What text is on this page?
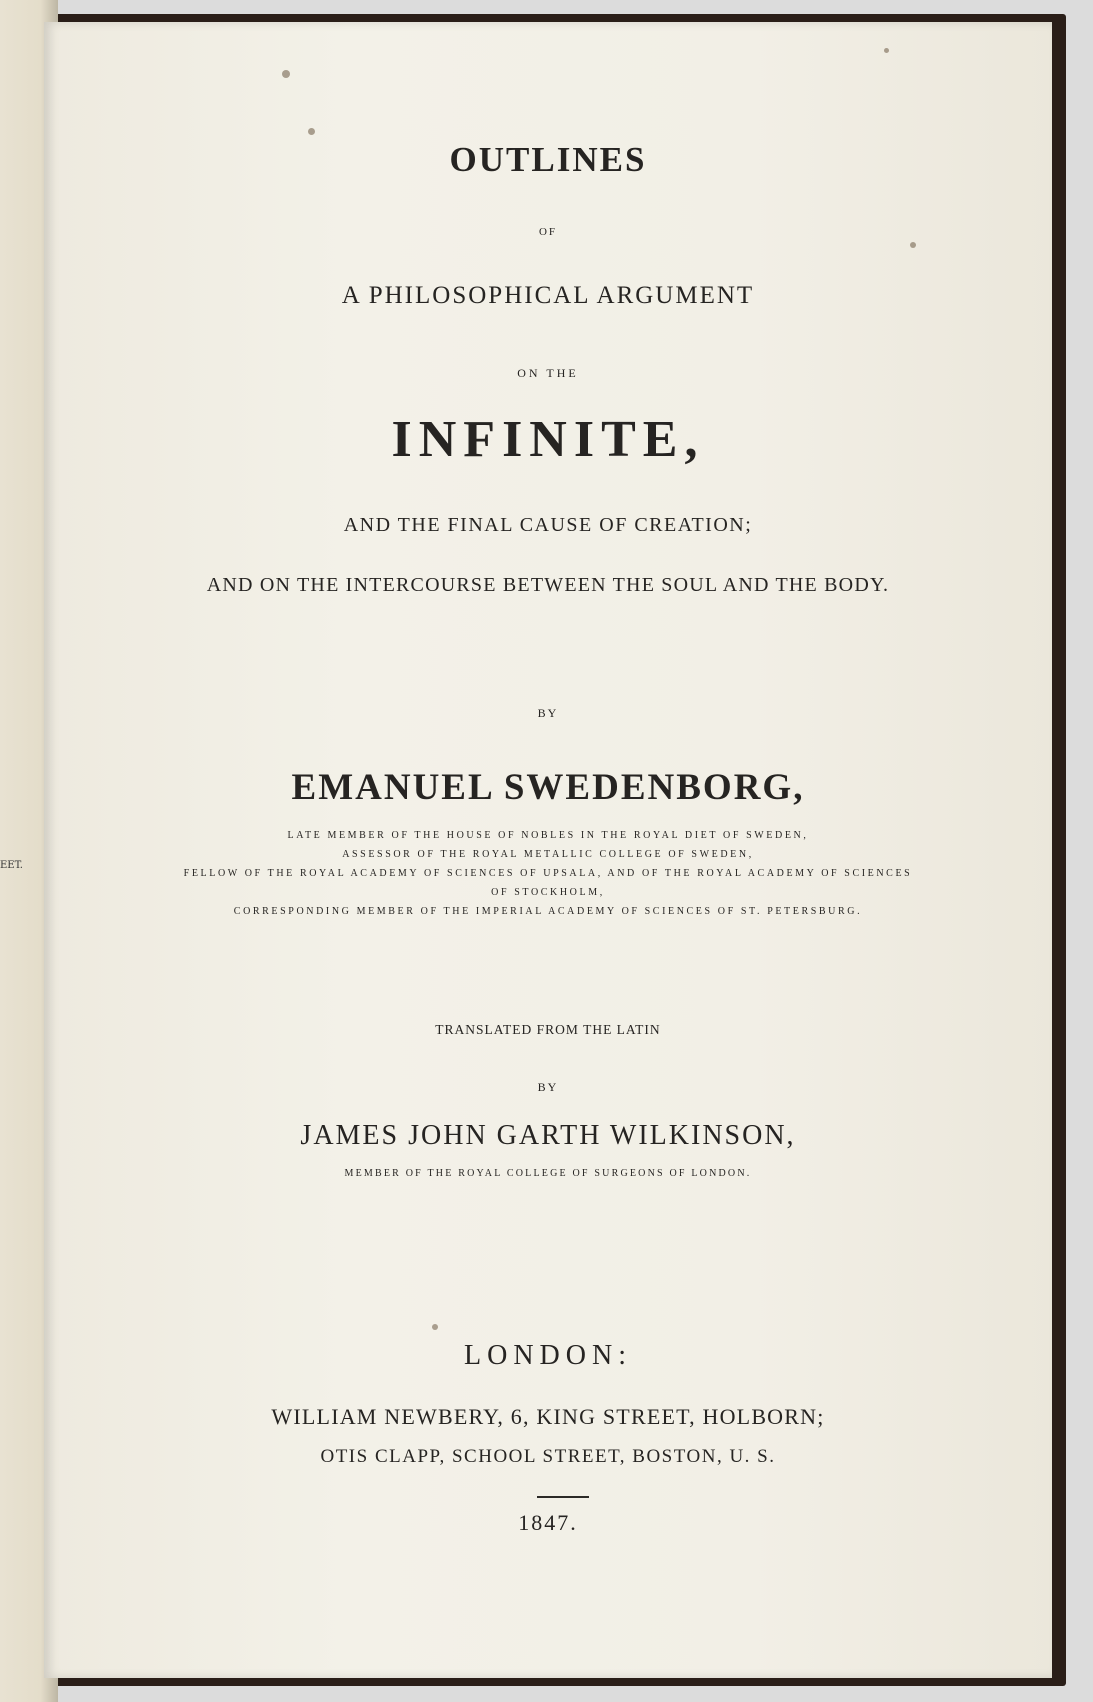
EET.
OUTLINES
OF
A PHILOSOPHICAL ARGUMENT
ON THE
INFINITE,
AND THE FINAL CAUSE OF CREATION;
AND ON THE INTERCOURSE BETWEEN THE SOUL AND THE BODY.
BY
EMANUEL SWEDENBORG,
LATE MEMBER OF THE HOUSE OF NOBLES IN THE ROYAL DIET OF SWEDEN,
ASSESSOR OF THE ROYAL METALLIC COLLEGE OF SWEDEN,
FELLOW OF THE ROYAL ACADEMY OF SCIENCES OF UPSALA, AND OF THE ROYAL ACADEMY OF SCIENCES
OF STOCKHOLM,
CORRESPONDING MEMBER OF THE IMPERIAL ACADEMY OF SCIENCES OF ST. PETERSBURG.
TRANSLATED FROM THE LATIN
BY
JAMES JOHN GARTH WILKINSON,
MEMBER OF THE ROYAL COLLEGE OF SURGEONS OF LONDON.
LONDON:
WILLIAM NEWBERY, 6, KING STREET, HOLBORN;
OTIS CLAPP, SCHOOL STREET, BOSTON, U. S.
1847.
